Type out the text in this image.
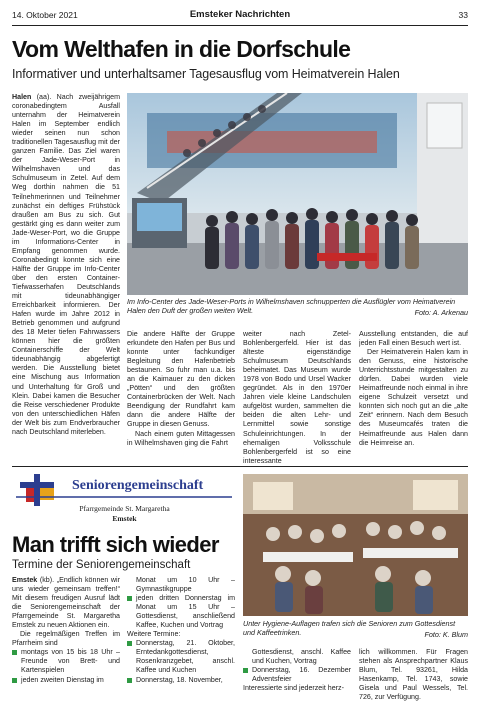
14. Oktober 2021	Emsteker Nachrichten	33
Vom Welthafen in die Dorfschule
Informativer und unterhaltsamer Tagesausflug vom Heimatverein Halen

Halen (aa). Nach zweijährigem coronabedingtem Ausfall unternahm der Heimatverein Halen im September endlich wieder seinen nun schon traditionellen Tagesausflug mit der ganzen Familie. Das Ziel waren der Jade-Weser-Port in Wilhelmshaven und das Schulmuseum in Zetel. Auf dem Weg dorthin nahmen die 51 Teilnehmerinnen und Teilnehmer zunächst ein deftiges Frühstück draußen am Bus zu sich. Gut gestärkt ging es dann weiter zum Jade-Weser-Port, wo die Gruppe im Informations-Center in Empfang genommen wurde. Coronabedingt konnte sich eine Hälfte der Gruppe im Info-Center über den ersten Container-Tiefwasserhafen Deutschlands mit tideunabhängiger Erreichbarkeit informieren. Der Hafen wurde im Jahre 2012 in Betrieb genommen und aufgrund des 18 Meter tiefen Fahrwassers können hier die größten Containerschiffe der Welt tideunabhängig abgefertigt werden. Die Ausstellung bietet eine Mischung aus Information und Unterhaltung für Groß und Klein. Dabei kamen die Besucher die Reise verschiedener Produkte von den unterschiedlichen Häfen der Welt bis zum Endverbraucher nach Deutschland miterleben.

Im Info-Center des Jade-Weser-Ports in Wilhelmshaven schnupperten die Ausflügler vom Heimatverein Halen den Duft der großen weiten Welt.	Foto: A. Arkenau

Die andere Hälfte der Gruppe erkundete den Hafen per Bus und konnte unter fachkundiger Begleitung den Hafenbetrieb bestaunen. So fuhr man u.a. bis an die Kaimauer zu den dicken „Pötten“ und den größten Containerbrücken der Welt. Nach Beendigung der Rundfahrt kam dann die andere Hälfte der Gruppe in diesen Genuss.

Nach einem guten Mittagessen in Wilhelmshaven ging die Fahrt

weiter nach Zetel-Bohlenbergerfeld. Hier ist das älteste eigenständige Schulmuseum Deutschlands beheimatet. Das Museum wurde 1978 von Bodo und Ursel Wacker gegründet. Als in den 1970er Jahren viele kleine Landschulen aufgelöst wurden, sammelten die beiden die alten Lehr- und Lernmittel sowie sonstige Schuleinrichtungen. In der ehemaligen Volksschule Bohlenbergerfeld ist so eine interessante

Ausstellung entstanden, die auf jeden Fall einen Besuch wert ist.

Der Heimatverein Halen kam in den Genuss, eine historische Unterrichtsstunde mitgestalten zu dürfen. Dabei wurden viele Heimatfreunde noch einmal in ihre eigene Schulzeit versetzt und konnten sich noch gut an die „alte Zeit“ erinnern. Nach dem Besuch des Museumcafés traten die Heimatfreunde aus Halen dann die Heimreise an.

Seniorengemeinschaft
Pfarrgemeinde St. Margaretha
Emstek
Man trifft sich wieder
Termine der Seniorengemeinschaft

Emstek (kb). „Endlich können wir uns wieder gemeinsam treffen!“ Mit diesem freudigen Ausruf lädt die Seniorengemeinschaft der Pfarrgemeinde St. Margaretha Emstek zu neuen Aktionen ein.

Die regelmäßigen Treffen im Pfarrheim sind

montags von 15 bis 18 Uhr – Freunde von Brett- und Kartenspielen

jeden zweiten Dienstag im

Monat um 10 Uhr – Gymnastikgruppe

jeden dritten Donnerstag im Monat um 15 Uhr – Gottesdienst, anschließend Kaffee, Kuchen und Vortrag

Weitere Termine:

Donnerstag, 21. Oktober, Erntedankgottesdienst, Rosenkranzgebet, anschl. Kaffee und Kuchen

Donnerstag, 18. November,

Unter Hygiene-Auflagen trafen sich die Senioren zum Gottesdienst und Kaffeetrinken.	Foto: K. Blum

Gottesdienst, anschl. Kaffee und Kuchen, Vortrag

Donnerstag, 16. Dezember Adventsfeier

Interessierte sind jederzeit herz-

lich willkommen. Für Fragen stehen als Ansprechpartner Klaus Blum, Tel. 93261, Hilda Hasenkamp, Tel. 1743, sowie Gisela und Paul Wessels, Tel. 726, zur Verfügung.
